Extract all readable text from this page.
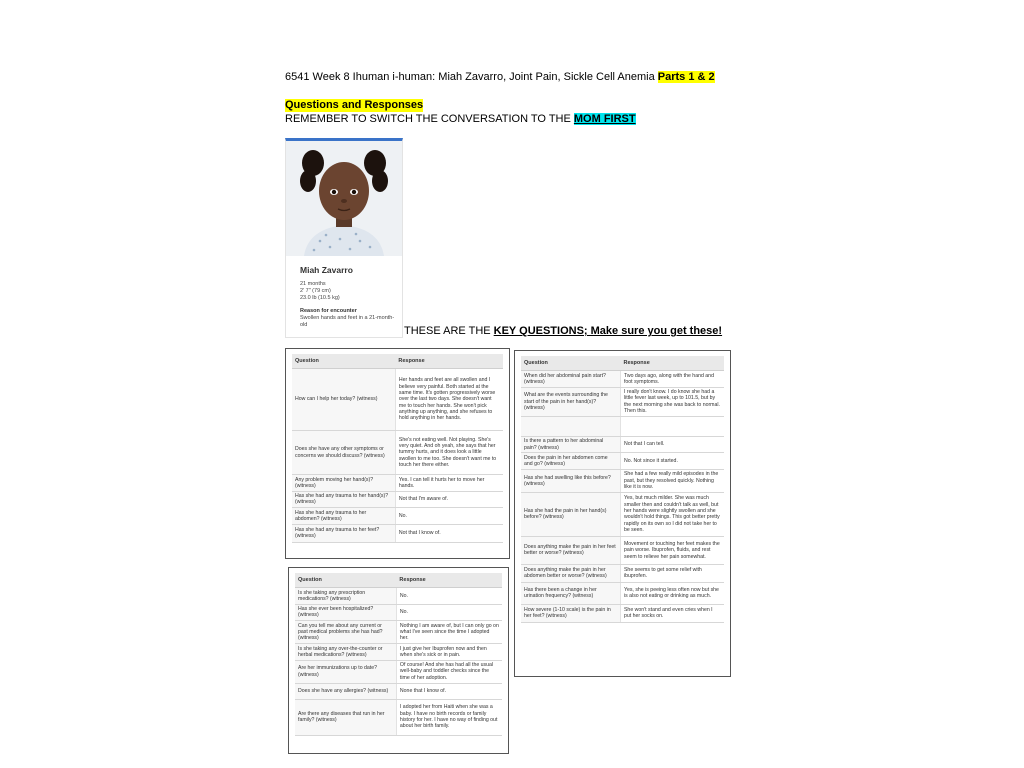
6541 Week 8 Ihuman i-human: Miah Zavarro, Joint Pain, Sickle Cell Anemia Parts 1 & 2
Questions and Responses
REMEMBER TO SWITCH THE CONVERSATION TO THE MOM FIRST
Miah Zavarro
21 months
2' 7" (79 cm)
23.0 lb (10.5 kg)
Reason for encounter
Swollen hands and feet in a 21-month-old	THESE ARE THE KEY QUESTIONS; Make sure you get these!
Question	Response
How can I help her today? (witness)	Her hands and feet are all swollen and I believe very painful. Both started at the same time. It's gotten progressively worse over the last two days. She doesn't want me to touch her hands. She won't pick anything up anything, and she refuses to hold anything in her hands.
Does she have any other symptoms or concerns we should discuss? (witness)	She's not eating well. Not playing. She's very quiet. And oh yeah, she says that her tummy hurts, and it does look a little swollen to me too. She doesn't want me to touch her there either.
Any problem moving her hand(s)? (witness)	Yes. I can tell it hurts her to move her hands.
Has she had any trauma to her hand(s)? (witness)	Not that I'm aware of.
Has she had any trauma to her abdomen? (witness)	No.
Has she had any trauma to her feet? (witness)	Not that I know of.
Question	Response
Is she taking any prescription medications? (witness)	No.
Has she ever been hospitalized? (witness)	No.
Can you tell me about any current or past medical problems she has had? (witness)	Nothing I am aware of, but I can only go on what I've seen since the time I adopted her.
Is she taking any over-the-counter or herbal medications? (witness)	I just give her Ibuprofen now and then when she's sick or in pain.
Are her immunizations up to date? (witness)	Of course! And she has had all the usual well-baby and toddler checks since the time of her adoption.
Does she have any allergies? (witness)	None that I know of.
Are there any diseases that run in her family? (witness)	I adopted her from Haiti when she was a baby. I have no birth records or family history for her. I have no way of finding out about her birth family.
Question	Response
When did her abdominal pain start? (witness)	Two days ago, along with the hand and foot symptoms.
What are the events surrounding the start of the pain in her hand(s)? (witness)	I really don't know. I do know she had a little fever last week, up to 101.5, but by the next morning she was back to normal. Then this.

Is there a pattern to her abdominal pain? (witness)	Not that I can tell.
Does the pain in her abdomen come and go? (witness)	No. Not since it started.
Has she had swelling like this before? (witness)	She had a few really mild episodes in the past, but they resolved quickly. Nothing like it is now.
Has she had the pain in her hand(s) before? (witness)	Yes, but much milder. She was much smaller then and couldn't talk as well, but her hands were slightly swollen and she wouldn't hold things. This got better pretty rapidly on its own so I did not take her to be seen.
Does anything make the pain in her feet better or worse? (witness)	Movement or touching her feet makes the pain worse. Ibuprofen, fluids, and rest seem to relieve her pain somewhat.
Does anything make the pain in her abdomen better or worse? (witness)	She seems to get some relief with ibuprofen.
Has there been a change in her urination frequency? (witness)	Yes, she is peeing less often now but she is also not eating or drinking as much.
How severe (1-10 scale) is the pain in her feet? (witness)	She won't stand and even cries when I put her socks on.
